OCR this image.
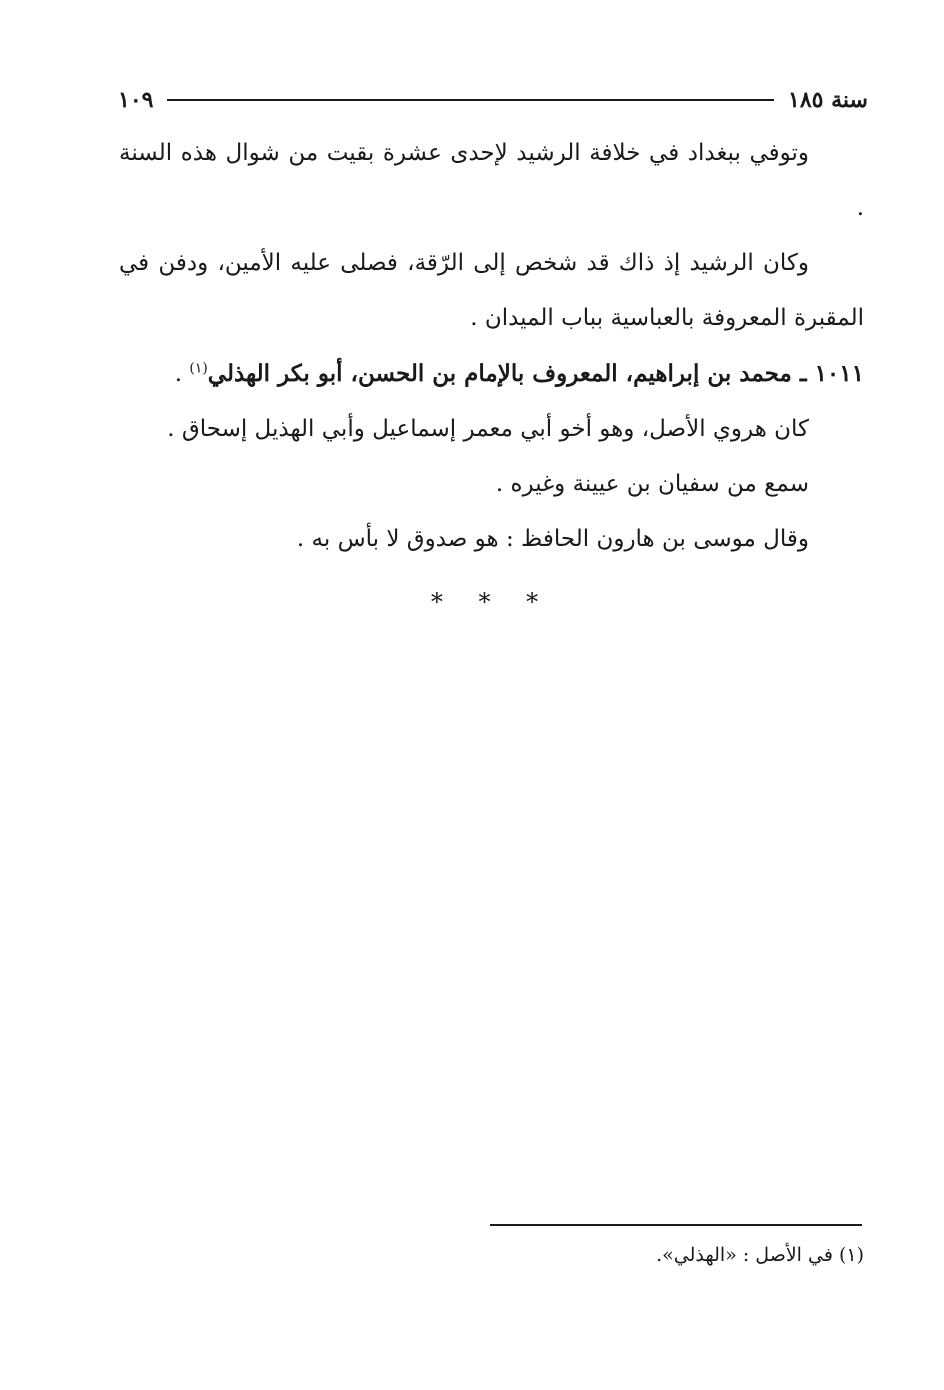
سنة ١٨٥
١٠٩

وتوفي ببغداد في خلافة الرشيد لإحدى عشرة بقيت من شوال هذه السنة .

وكان الرشيد إذ ذاك قد شخص إلى الرّقة، فصلى عليه الأمين، ودفن في المقبرة المعروفة بالعباسية بباب الميدان .

١٠١١ ـ محمد بن إبراهيم، المعروف بالإمام بن الحسن، أبو بكر الهذلي$^{(١)}$ .

كان هروي الأصل، وهو أخو أبي معمر إسماعيل وأبي الهذيل إسحاق .

سمع من سفيان بن عيينة وغيره .

وقال موسى بن هارون الحافظ : هو صدوق لا بأس به .

* * *
(١) في الأصل : «الهذلي».
